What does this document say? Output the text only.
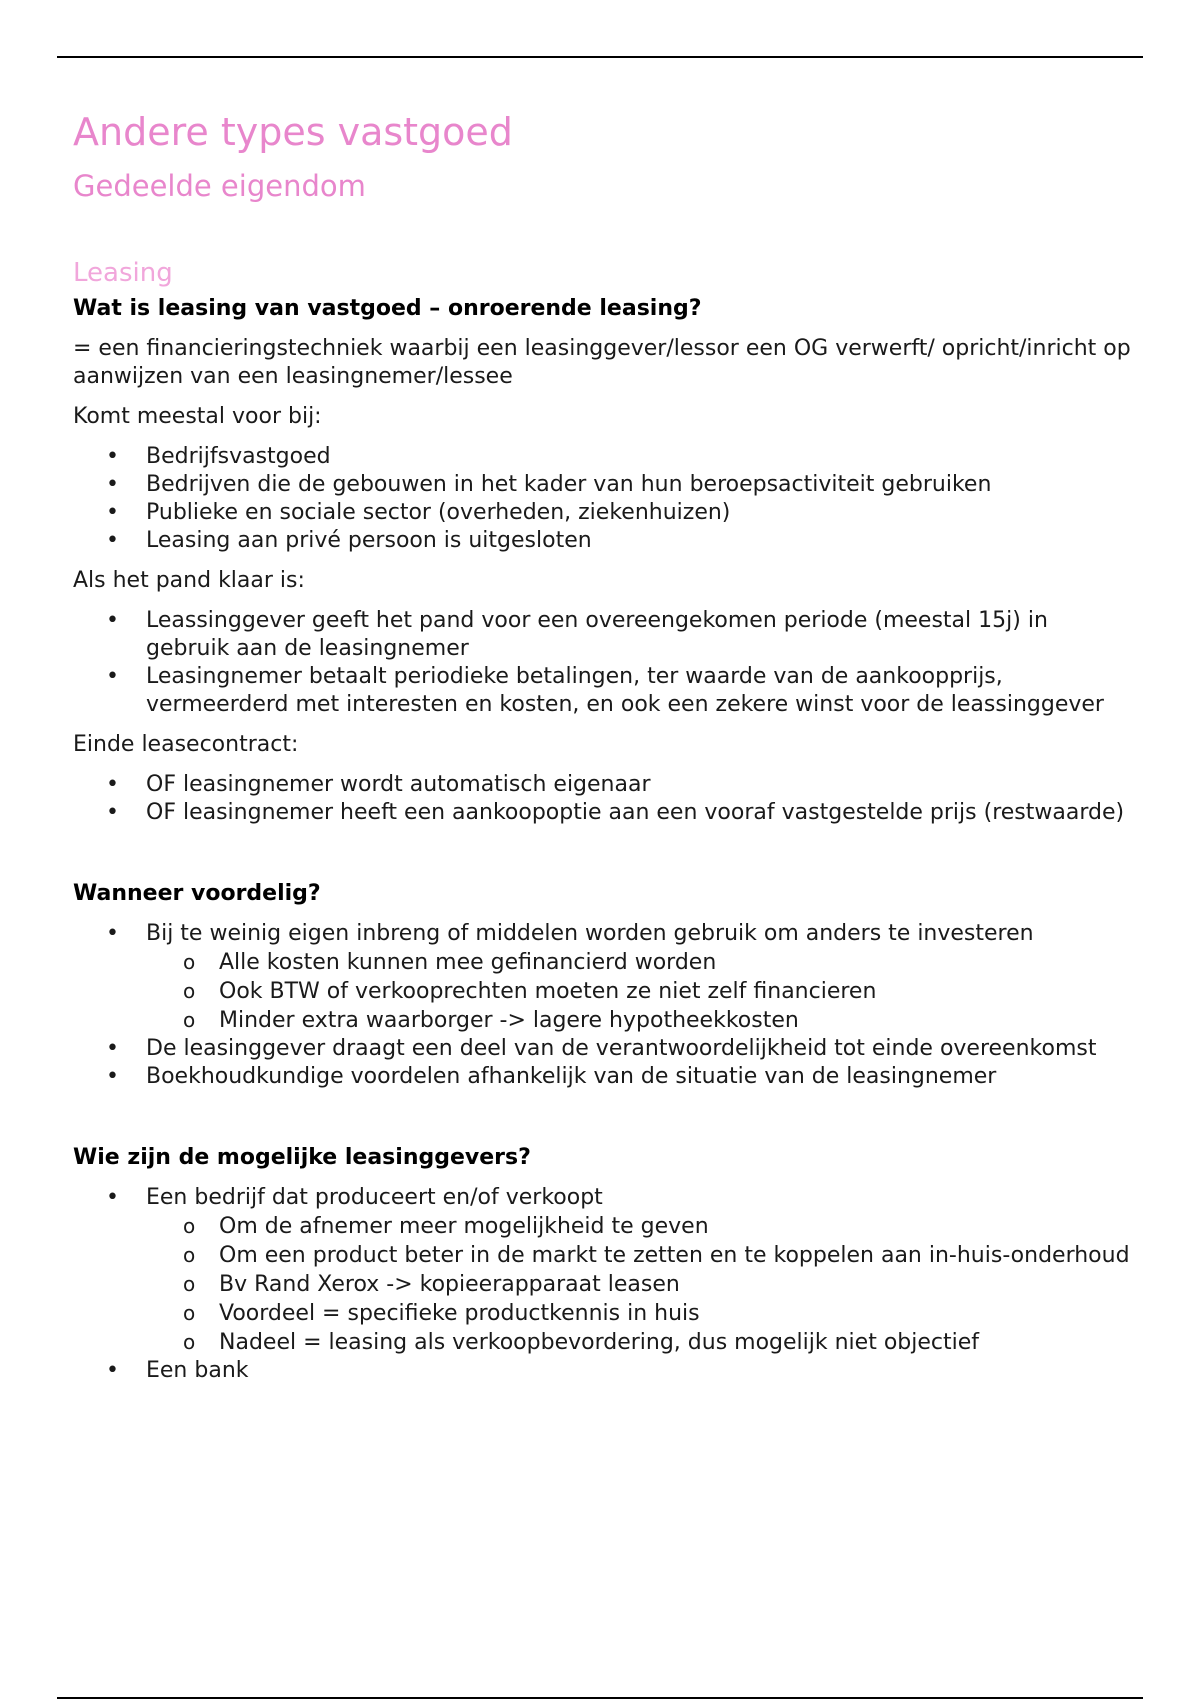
Andere types vastgoed
Gedeelde eigendom
Leasing
Wat is leasing van vastgoed – onroerende leasing?

= een financieringstechniek waarbij een leasinggever/lessor een OG verwerft/ opricht/inricht op aanwijzen van een leasingnemer/lessee

Komt meestal voor bij:

• Bedrijfsvastgoed
• Bedrijven die de gebouwen in het kader van hun beroepsactiviteit gebruiken
• Publieke en sociale sector (overheden, ziekenhuizen)
• Leasing aan privé persoon is uitgesloten

Als het pand klaar is:

• Leassinggever geeft het pand voor een overeengekomen periode (meestal 15j) in gebruik aan de leasingnemer
• Leasingnemer betaalt periodieke betalingen, ter waarde van de aankoopprijs, vermeerderd met interesten en kosten, en ook een zekere winst voor de leassinggever

Einde leasecontract:

• OF leasingnemer wordt automatisch eigenaar
• OF leasingnemer heeft een aankoopoptie aan een vooraf vastgestelde prijs (restwaarde)
Wanneer voordelig?
• Bij te weinig eigen inbreng of middelen worden gebruik om anders te investeren
o	Alle kosten kunnen mee gefinancierd worden
o	Ook BTW of verkooprechten moeten ze niet zelf financieren
o	Minder extra waarborger -> lagere hypotheekkosten
• De leasinggever draagt een deel van de verantwoordelijkheid tot einde overeenkomst
• Boekhoudkundige voordelen afhankelijk van de situatie van de leasingnemer
Wie zijn de mogelijke leasinggevers?
• Een bedrijf dat produceert en/of verkoopt
o	Om de afnemer meer mogelijkheid te geven
o	Om een product beter in de markt te zetten en te koppelen aan in-huis-onderhoud
o	Bv Rand Xerox -> kopieerapparaat leasen
o	Voordeel = specifieke productkennis in huis
o	Nadeel = leasing als verkoopbevordering, dus mogelijk niet objectief
• Een bank
